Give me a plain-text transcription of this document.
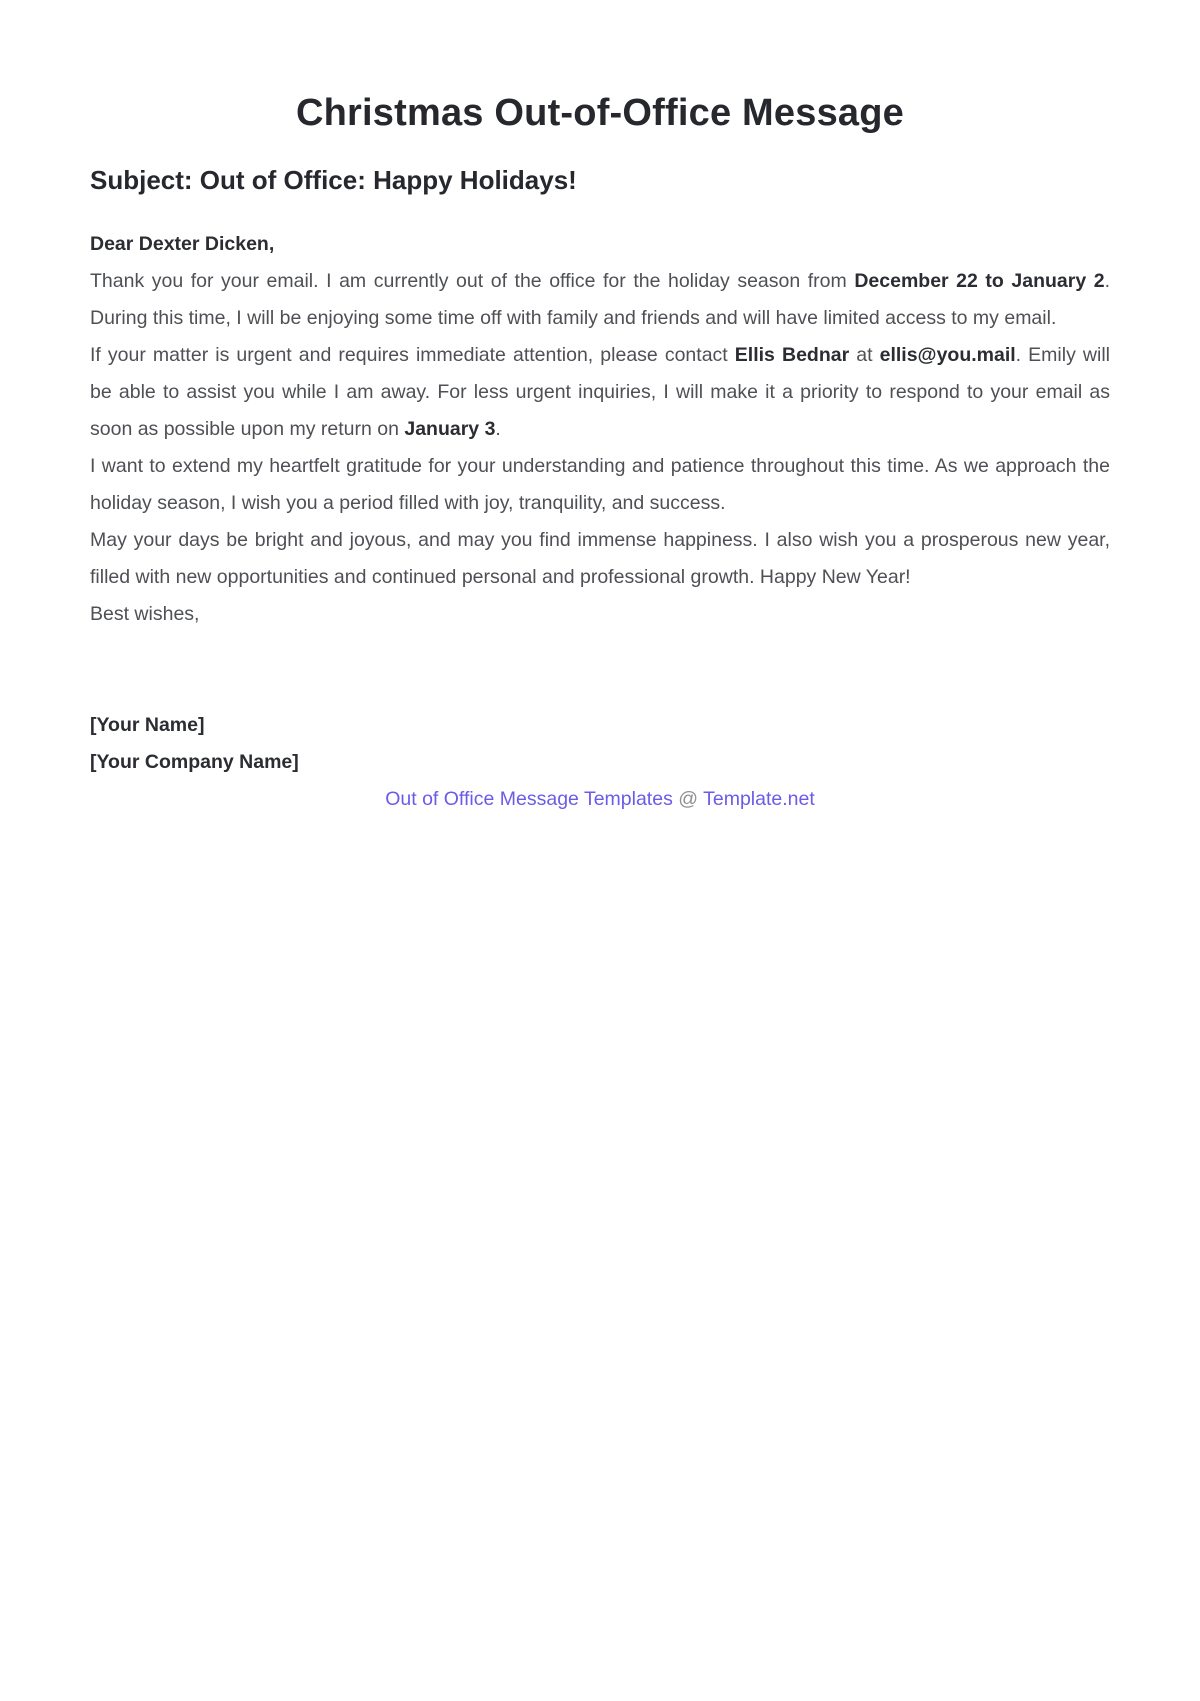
Christmas Out-of-Office Message
Subject: Out of Office: Happy Holidays!

Dear Dexter Dicken,

Thank you for your email. I am currently out of the office for the holiday season from December 22 to January 2. During this time, I will be enjoying some time off with family and friends and will have limited access to my email.

If your matter is urgent and requires immediate attention, please contact Ellis Bednar at ellis@you.mail. Emily will be able to assist you while I am away. For less urgent inquiries, I will make it a priority to respond to your email as soon as possible upon my return on January 3.

I want to extend my heartfelt gratitude for your understanding and patience throughout this time. As we approach the holiday season, I wish you a period filled with joy, tranquility, and success.

May your days be bright and joyous, and may you find immense happiness. I also wish you a prosperous new year, filled with new opportunities and continued personal and professional growth. Happy New Year!

Best wishes,

[Your Name]
[Your Company Name]
Out of Office Message Templates @ Template.net
